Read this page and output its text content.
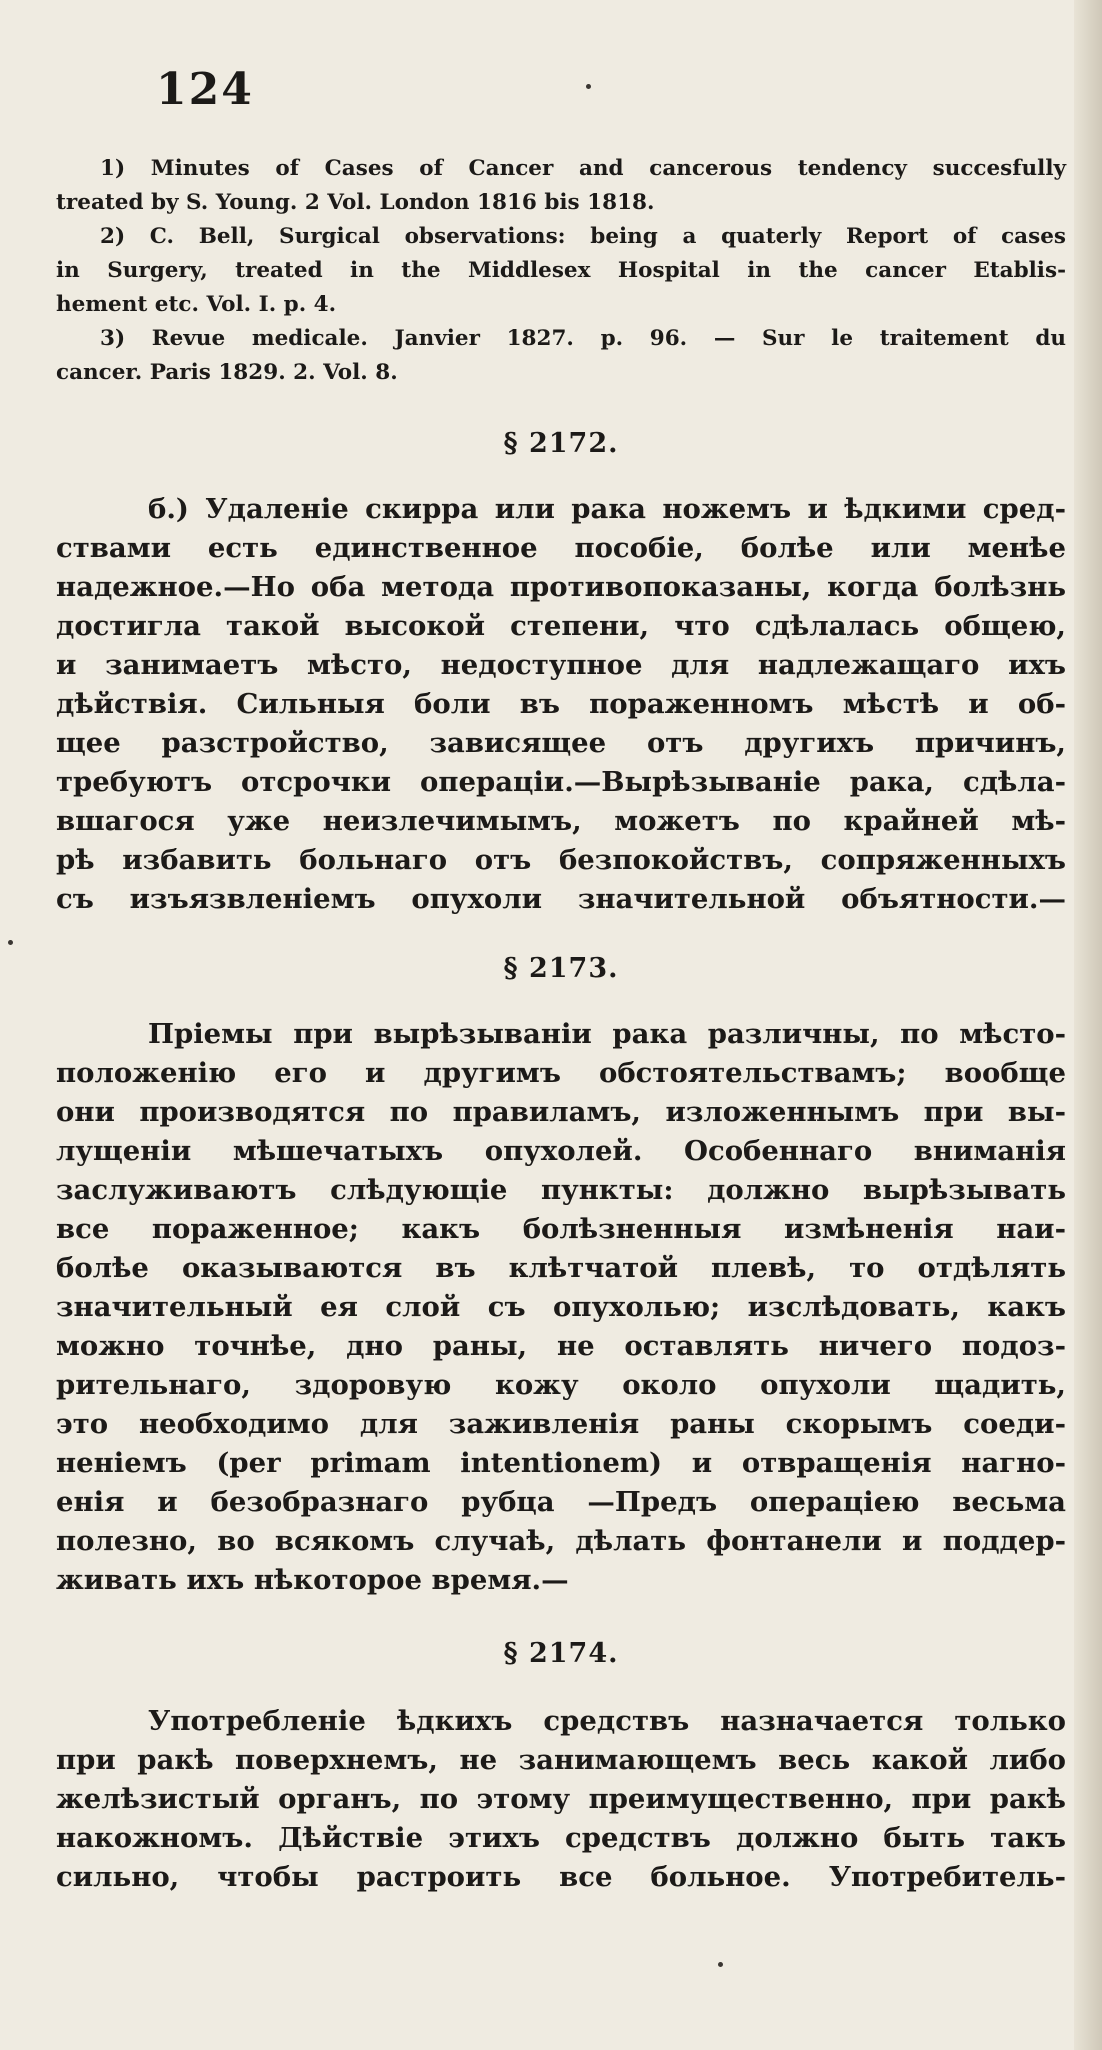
124

1) Minutes of Cases of Cancer and cancerous tendency succesfully
treated by S. Young. 2 Vol. London 1816 bis 1818.

2) C. Bell, Surgical observations: being a quaterly Report of cases
in Surgery, treated in the Middlesex Hospital in the cancer Etablis-
hement etc. Vol. I. p. 4.

3) Revue medicale. Janvier 1827. p. 96. — Sur le traitement du
cancer. Paris 1829. 2. Vol. 8.

§ 2172.
б.) Удаленіе скирра или рака ножемъ и ѣдкими сред-
ствами есть единственное пособіе, болѣе или менѣе
надежное.—Но оба метода противопоказаны, когда болѣзнь
достигла такой высокой степени, что сдѣлалась общею,
и занимаетъ мѣсто, недоступное для надлежащаго ихъ
дѣйствія. Сильныя боли въ пораженномъ мѣстѣ и об-
щее разстройство, зависящее отъ другихъ причинъ,
требуютъ отсрочки операціи.—Вырѣзываніе рака, сдѣла-
вшагося уже неизлечимымъ, можетъ по крайней мѣ-
рѣ избавить больнаго отъ безпокойствъ, сопряженныхъ
съ изъязвленіемъ опухоли значительной объятности.—
§ 2173.
Пріемы при вырѣзываніи рака различны, по мѣсто-
положенію его и другимъ обстоятельствамъ; вообще
они производятся по правиламъ, изложеннымъ при вы-
лущеніи мѣшечатыхъ опухолей. Особеннаго вниманія
заслуживаютъ слѣдующіе пункты: должно вырѣзывать
все пораженное; какъ болѣзненныя измѣненія наи-
болѣе оказываются въ клѣтчатой плевѣ, то отдѣлять
значительный ея слой съ опухолью; изслѣдовать, какъ
можно точнѣе, дно раны, не оставлять ничего подоз-
рительнаго, здоровую кожу около опухоли щадить,
это необходимо для заживленія раны скорымъ соеди-
неніемъ (per primam intentionem) и отвращенія нагно-
енія и безобразнаго рубца —Предъ операціею весьма
полезно, во всякомъ случаѣ, дѣлать фонтанели и поддер-
живать ихъ нѣкоторое время.—
§ 2174.
Употребленіе ѣдкихъ средствъ назначается только
при ракѣ поверхнемъ, не занимающемъ весь какой либо
желѣзистый органъ, по этому преимущественно, при ракѣ
накожномъ. Дѣйствіе этихъ средствъ должно быть такъ
сильно, чтобы растроить все больное. Употребитель-
